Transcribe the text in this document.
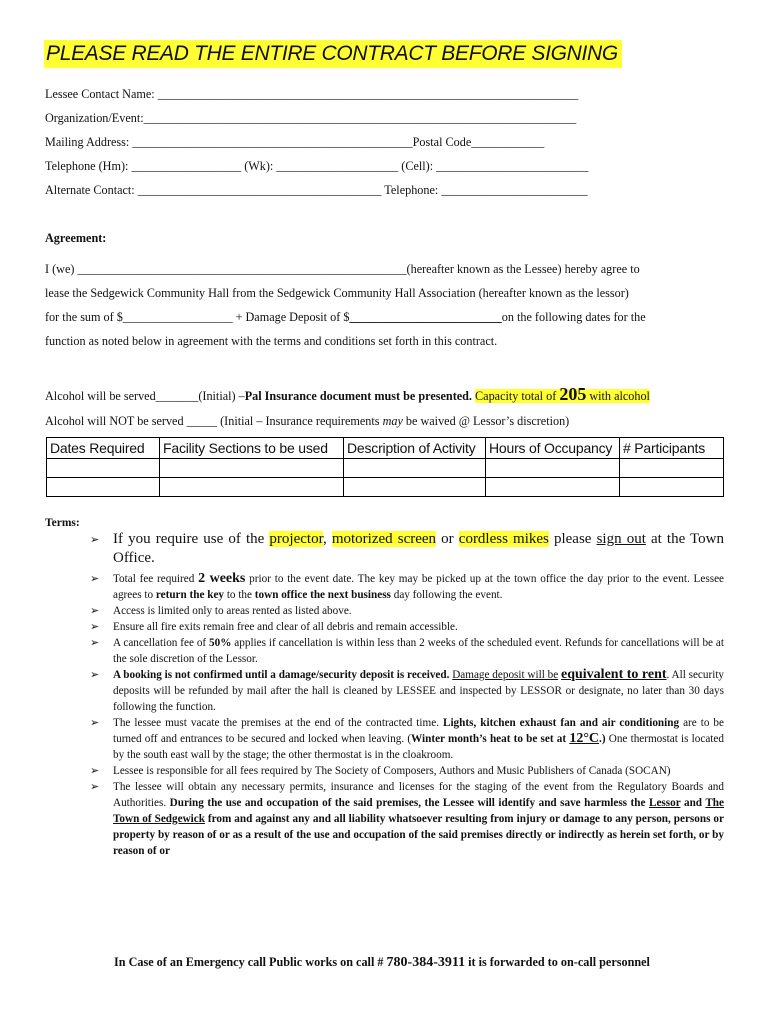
PLEASE READ THE ENTIRE CONTRACT BEFORE SIGNING
Lessee Contact Name: _____________________________________________________________________
Organization/Event:_______________________________________________________________________
Mailing Address: ______________________________________________Postal Code____________
Telephone (Hm): __________________ (Wk): ____________________ (Cell): _________________________
Alternate Contact: ________________________________________ Telephone: ________________________
Agreement:
I (we) ______________________________________________________(hereafter known as the Lessee) hereby agree to
lease the Sedgewick Community Hall from the Sedgewick Community Hall Association (hereafter known as the lessor)
for the sum of $__________________ + Damage Deposit of $_________________________on the following dates for the
function as noted below in agreement with the terms and conditions set forth in this contract.
Alcohol will be served_______(Initial) –Pal Insurance document must be presented. Capacity total of 205 with alcohol
Alcohol will NOT be served _____ (Initial – Insurance requirements may be waived @ Lessor’s discretion)
Dates Required	Facility Sections to be used	Description of Activity	Hours of Occupancy	# Participants

Terms:
➢ If you require use of the projector, motorized screen or cordless mikes please sign out at the Town Office.
➢ Total fee required 2 weeks prior to the event date. The key may be picked up at the town office the day prior to the event. Lessee agrees to return the key to the town office the next business day following the event.
➢ Access is limited only to areas rented as listed above.
➢ Ensure all fire exits remain free and clear of all debris and remain accessible.
➢ A cancellation fee of 50% applies if cancellation is within less than 2 weeks of the scheduled event. Refunds for cancellations will be at the sole discretion of the Lessor.
➢ A booking is not confirmed until a damage/security deposit is received. Damage deposit will be equivalent to rent. All security deposits will be refunded by mail after the hall is cleaned by LESSEE and inspected by LESSOR or designate, no later than 30 days following the function.
➢ The lessee must vacate the premises at the end of the contracted time. Lights, kitchen exhaust fan and air conditioning are to be turned off and entrances to be secured and locked when leaving. (Winter month’s heat to be set at 12°C.) One thermostat is located by the south east wall by the stage; the other thermostat is in the cloakroom.
➢ Lessee is responsible for all fees required by The Society of Composers, Authors and Music Publishers of Canada (SOCAN)
➢ The lessee will obtain any necessary permits, insurance and licenses for the staging of the event from the Regulatory Boards and Authorities. During the use and occupation of the said premises, the Lessee will identify and save harmless the Lessor and The Town of Sedgewick from and against any and all liability whatsoever resulting from injury or damage to any person, persons or property by reason of or as a result of the use and occupation of the said premises directly or indirectly as herein set forth, or by reason of or
In Case of an Emergency call Public works on call # 780-384-3911 it is forwarded to on-call personnel
